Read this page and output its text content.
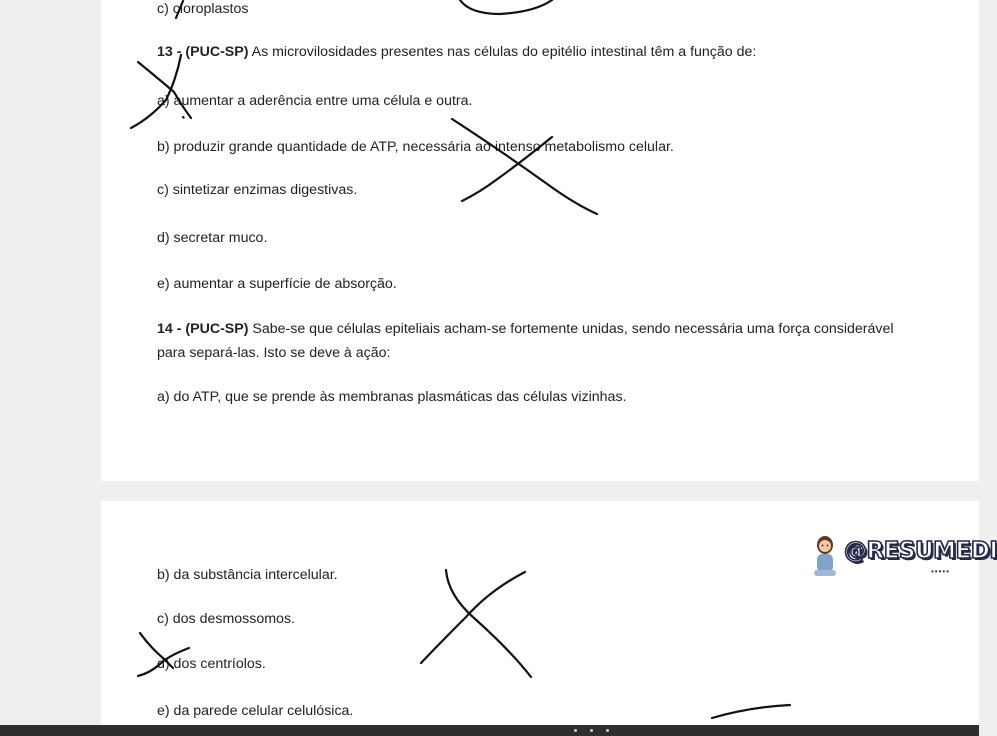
c) cloroplastos
13 - (PUC-SP) As microvilosidades presentes nas células do epitélio intestinal têm a função de:
a) aumentar a aderência entre uma célula e outra.
b) produzir grande quantidade de ATP, necessária ao intenso metabolismo celular.
c) sintetizar enzimas digestivas.
d) secretar muco.
e) aumentar a superfície de absorção.
14 - (PUC-SP) Sabe-se que células epiteliais acham-se fortemente unidas, sendo necessária uma força considerável
para separá-las. Isto se deve à ação:
a) do ATP, que se prende às membranas plasmáticas das células vizinhas.
b) da substância intercelular.
c) dos desmossomos.
d) dos centríolos.
e) da parede celular celulósica.
@RESUMEDI
•••••
